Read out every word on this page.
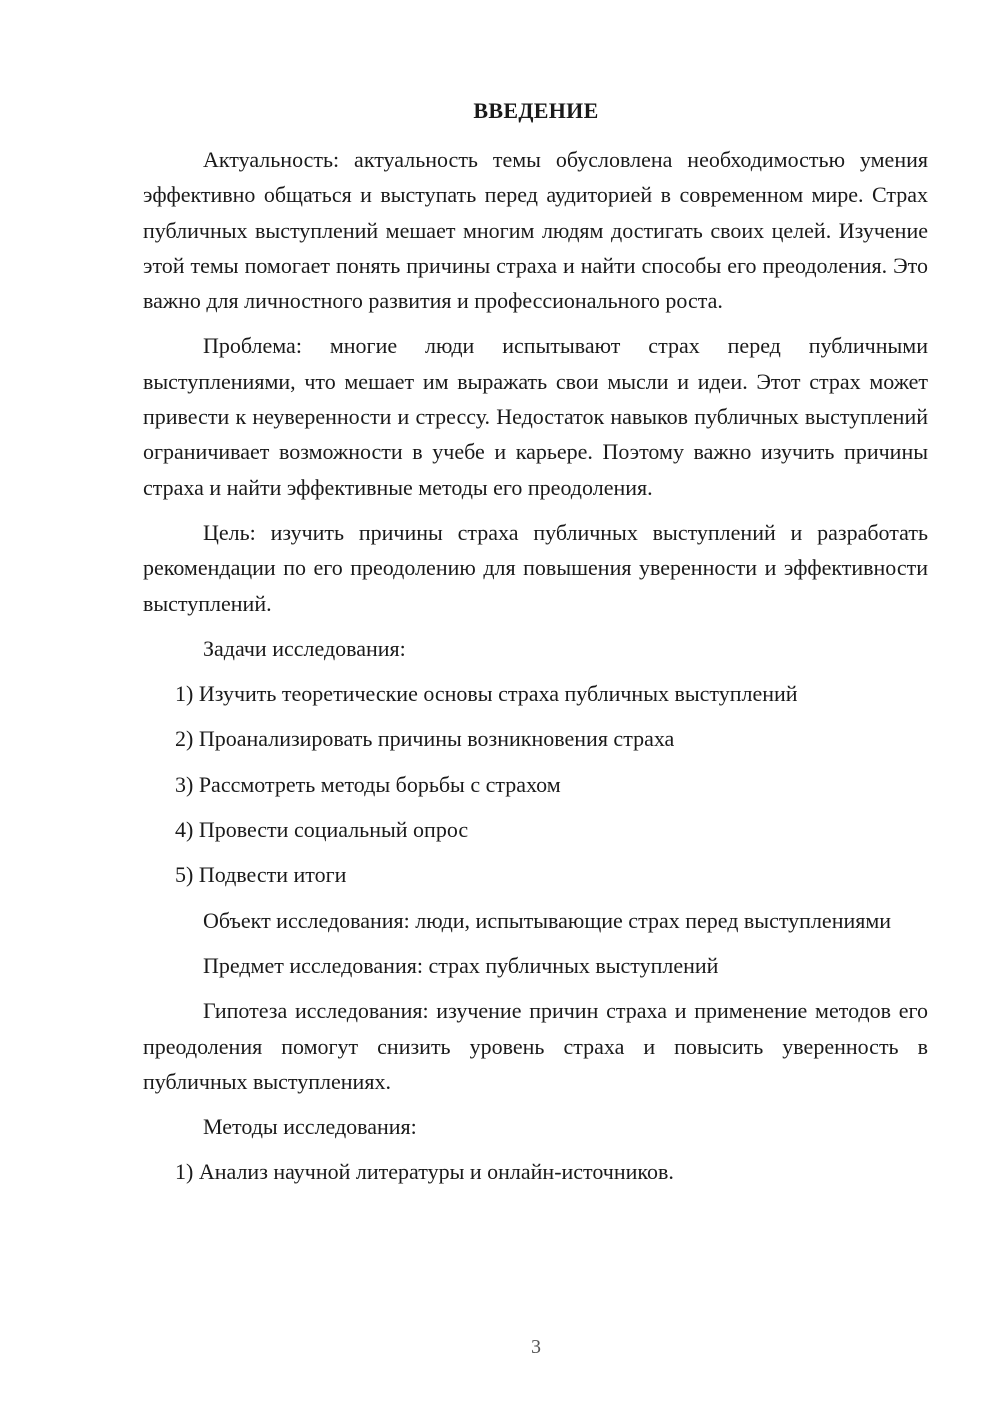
ВВЕДЕНИЕ

Актуальность: актуальность темы обусловлена необходимостью умения эффективно общаться и выступать перед аудиторией в современном мире. Страх публичных выступлений мешает многим людям достигать своих целей. Изучение этой темы помогает понять причины страха и найти способы его преодоления. Это важно для личностного развития и профессионального роста.

Проблема: многие люди испытывают страх перед публичными выступлениями, что мешает им выражать свои мысли и идеи. Этот страх может привести к неуверенности и стрессу. Недостаток навыков публичных выступлений ограничивает возможности в учебе и карьере. Поэтому важно изучить причины страха и найти эффективные методы его преодоления.

Цель: изучить причины страха публичных выступлений и разработать рекомендации по его преодолению для повышения уверенности и эффективности выступлений.

Задачи исследования:

1) Изучить теоретические основы страха публичных выступлений

2) Проанализировать причины возникновения страха

3) Рассмотреть методы борьбы с страхом

4) Провести социальный опрос

5) Подвести итоги

Объект исследования: люди, испытывающие страх перед выступлениями

Предмет исследования: страх публичных выступлений

Гипотеза исследования: изучение причин страха и применение методов его преодоления помогут снизить уровень страха и повысить уверенность в публичных выступлениях.

Методы исследования:

1) Анализ научной литературы и онлайн-источников.

3
